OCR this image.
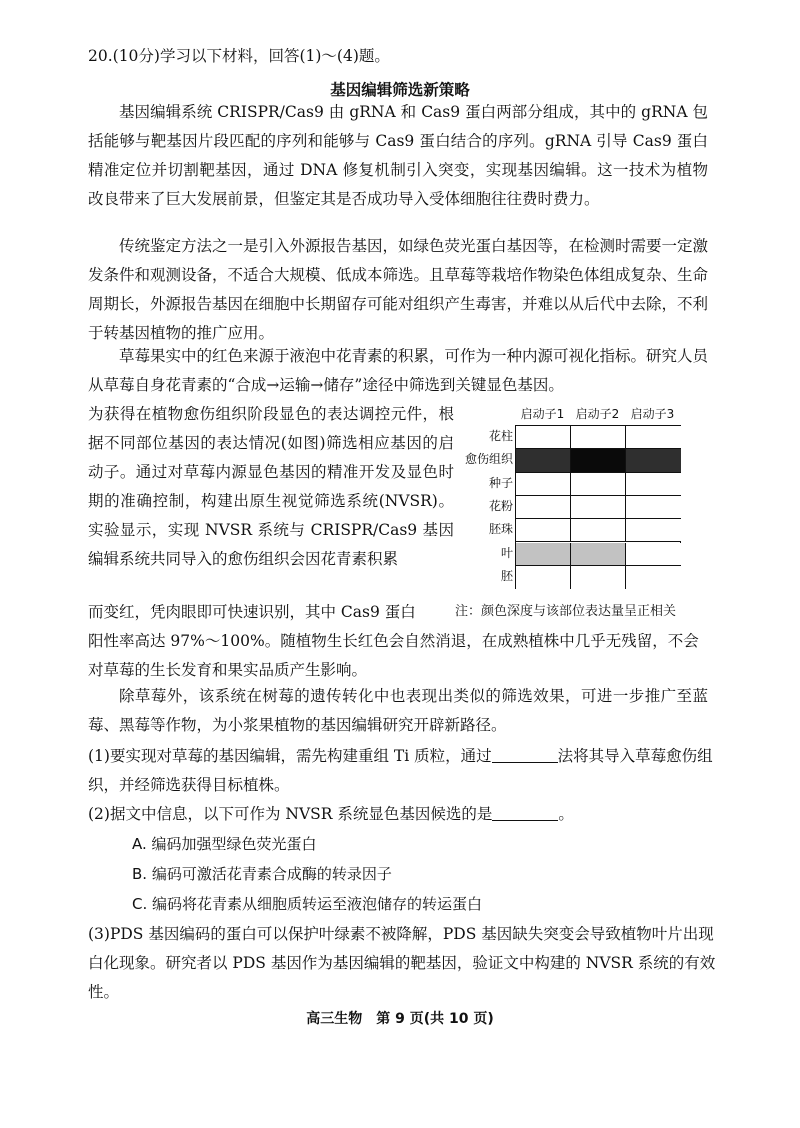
20.(10分)学习以下材料，回答(1)～(4)题。
基因编辑筛选新策略
基因编辑系统 CRISPR/Cas9 由 gRNA 和 Cas9 蛋白两部分组成，其中的 gRNA 包括能够与靶基因片段匹配的序列和能够与 Cas9 蛋白结合的序列。gRNA 引导 Cas9 蛋白精准定位并切割靶基因，通过 DNA 修复机制引入突变，实现基因编辑。这一技术为植物改良带来了巨大发展前景，但鉴定其是否成功导入受体细胞往往费时费力。
传统鉴定方法之一是引入外源报告基因，如绿色荧光蛋白基因等，在检测时需要一定激发条件和观测设备，不适合大规模、低成本筛选。且草莓等栽培作物染色体组成复杂、生命周期长，外源报告基因在细胞中长期留存可能对组织产生毒害，并难以从后代中去除，不利于转基因植物的推广应用。
草莓果实中的红色来源于液泡中花青素的积累，可作为一种内源可视化指标。研究人员从草莓自身花青素的“合成→运输→储存”途径中筛选到关键显色基因。
为获得在植物愈伤组织阶段显色的表达调控元件，根据不同部位基因的表达情况(如图)筛选相应基因的启动子。通过对草莓内源显色基因的精准开发及显色时期的准确控制，构建出原生视觉筛选系统(NVSR)。实验显示，实现 NVSR 系统与 CRISPR/Cas9 基因编辑系统共同导入的愈伤组织会因花青素积累
而变红，凭肉眼即可快速识别，其中 Cas9 蛋白
阳性率高达 97%～100%。随植物生长红色会自然消退，在成熟植株中几乎无残留，不会对草莓的生长发育和果实品质产生影响。
除草莓外，该系统在树莓的遗传转化中也表现出类似的筛选效果，可进一步推广至蓝莓、黑莓等作物，为小浆果植物的基因编辑研究开辟新路径。
启动子1 启动子2 启动子3
花柱
愈伤组织
种子
花粉
胚珠
叶
胚
注：颜色深度与该部位表达量呈正相关
(1)要实现对草莓的基因编辑，需先构建重组 Ti 质粒，通过	法将其导入草莓愈伤组织，并经筛选获得目标植株。
(2)据文中信息，以下可作为 NVSR 系统显色基因候选的是	。
A. 编码加强型绿色荧光蛋白
B. 编码可激活花青素合成酶的转录因子
C. 编码将花青素从细胞质转运至液泡储存的转运蛋白
(3)PDS 基因编码的蛋白可以保护叶绿素不被降解，PDS 基因缺失突变会导致植物叶片出现白化现象。研究者以 PDS 基因作为基因编辑的靶基因，验证文中构建的 NVSR 系统的有效性。
高三生物　第 9 页(共 10 页)
